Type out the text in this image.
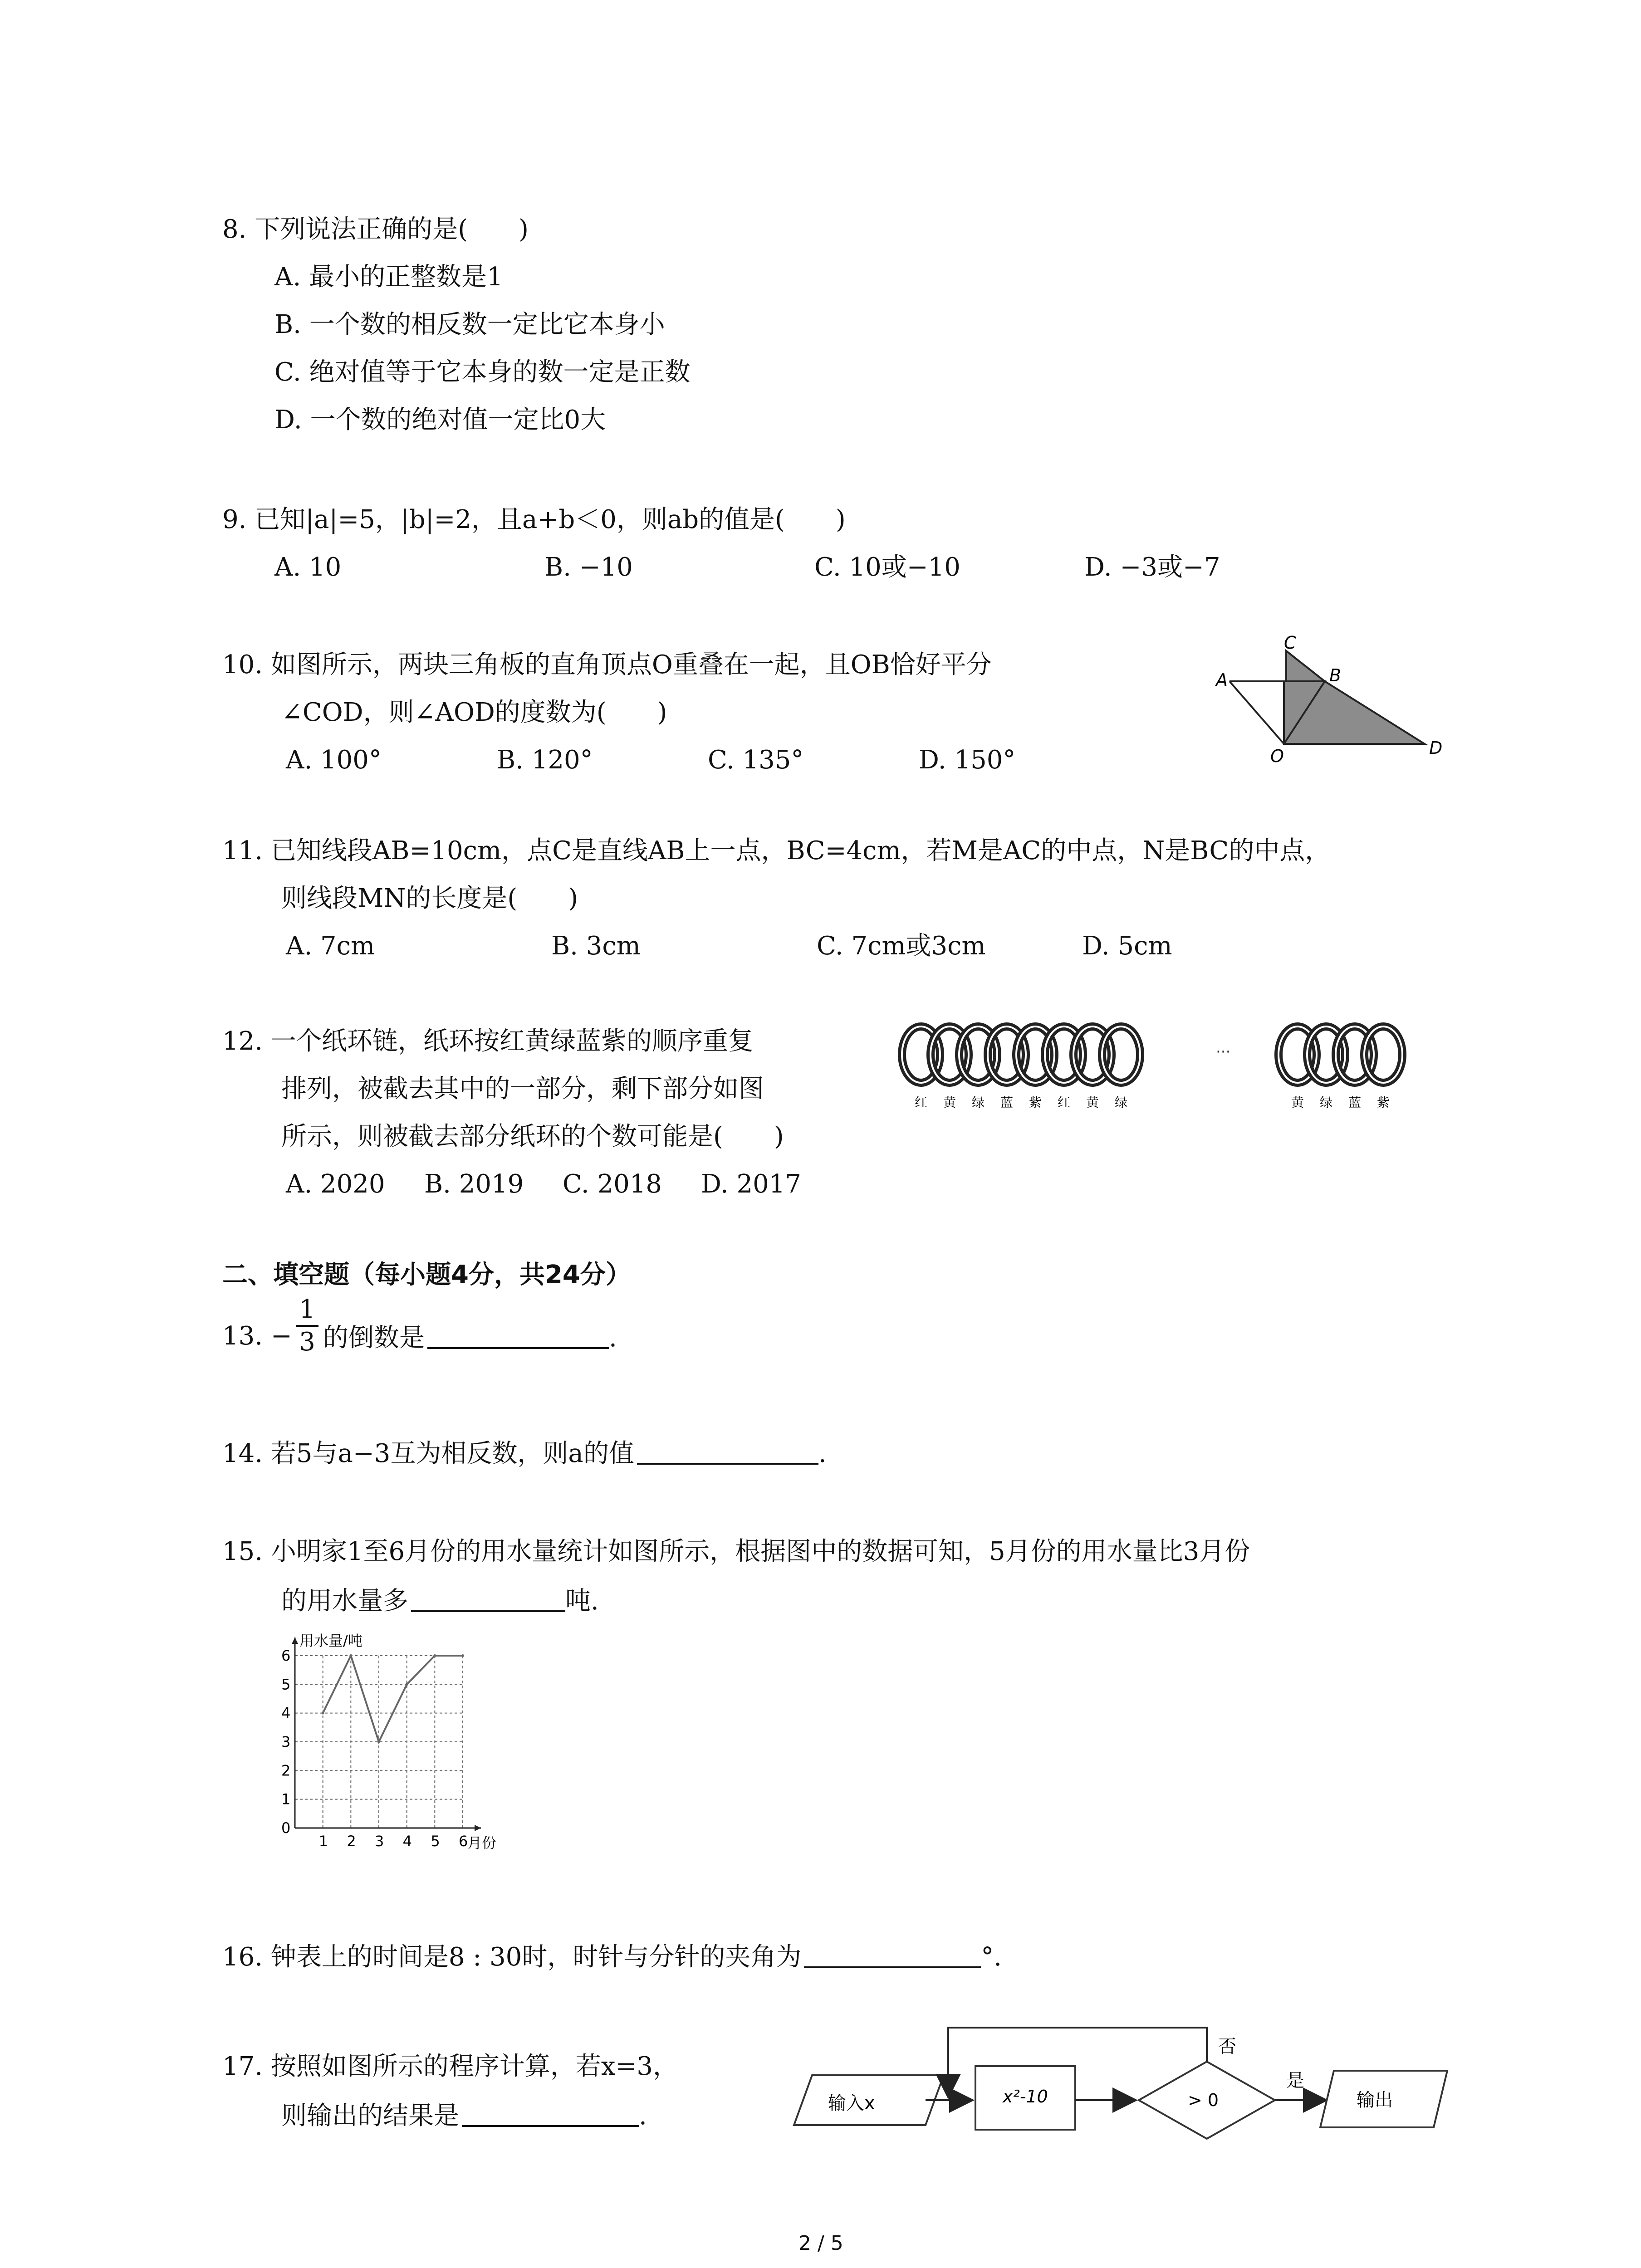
8. 下列说法正确的是(　　)
A. 最小的正整数是1
B. 一个数的相反数一定比它本身小
C. 绝对值等于它本身的数一定是正数
D. 一个数的绝对值一定比0大
9. 已知|a|=5，|b|=2，且a+b＜0，则ab的值是(　　)
A. 10	B. −10	C. 10或−10	D. −3或−7
10. 如图所示，两块三角板的直角顶点O重叠在一起，且OB恰好平分
∠COD，则∠AOD的度数为(　　)
A. 100°	B. 120°	C. 135°	D. 150°
A
C
B
O	D
11. 已知线段AB=10cm，点C是直线AB上一点，BC=4cm，若M是AC的中点，N是BC的中点，
则线段MN的长度是(　　)
A. 7cm	B. 3cm	C. 7cm或3cm	D. 5cm
12. 一个纸环链，纸环按红黄绿蓝紫的顺序重复
排列，被截去其中的一部分，剩下部分如图
所示，则被截去部分纸环的个数可能是(　　)
A. 2020 B. 2019 C. 2018 D. 2017
···
红 黄 绿 蓝 紫 红 黄 绿	黄 绿 蓝 紫
二、填空题（每小题4分，共24分）
13. −
1
3 的倒数是	.
14. 若5与a−3互为相反数，则a的值	.
15. 小明家1至6月份的用水量统计如图所示，根据图中的数据可知，5月份的用水量比3月份
的用水量多	吨.
0
1
2
3
4
5
6
1 2 3 4 5 6
用水量/吨
月份
16. 钟表上的时间是8 : 30时，时针与分针的夹角为	°.
17. 按照如图所示的程序计算，若x=3，
则输出的结果是	.	输入x	x²-10	> 0
否
是
输出
2 / 5
